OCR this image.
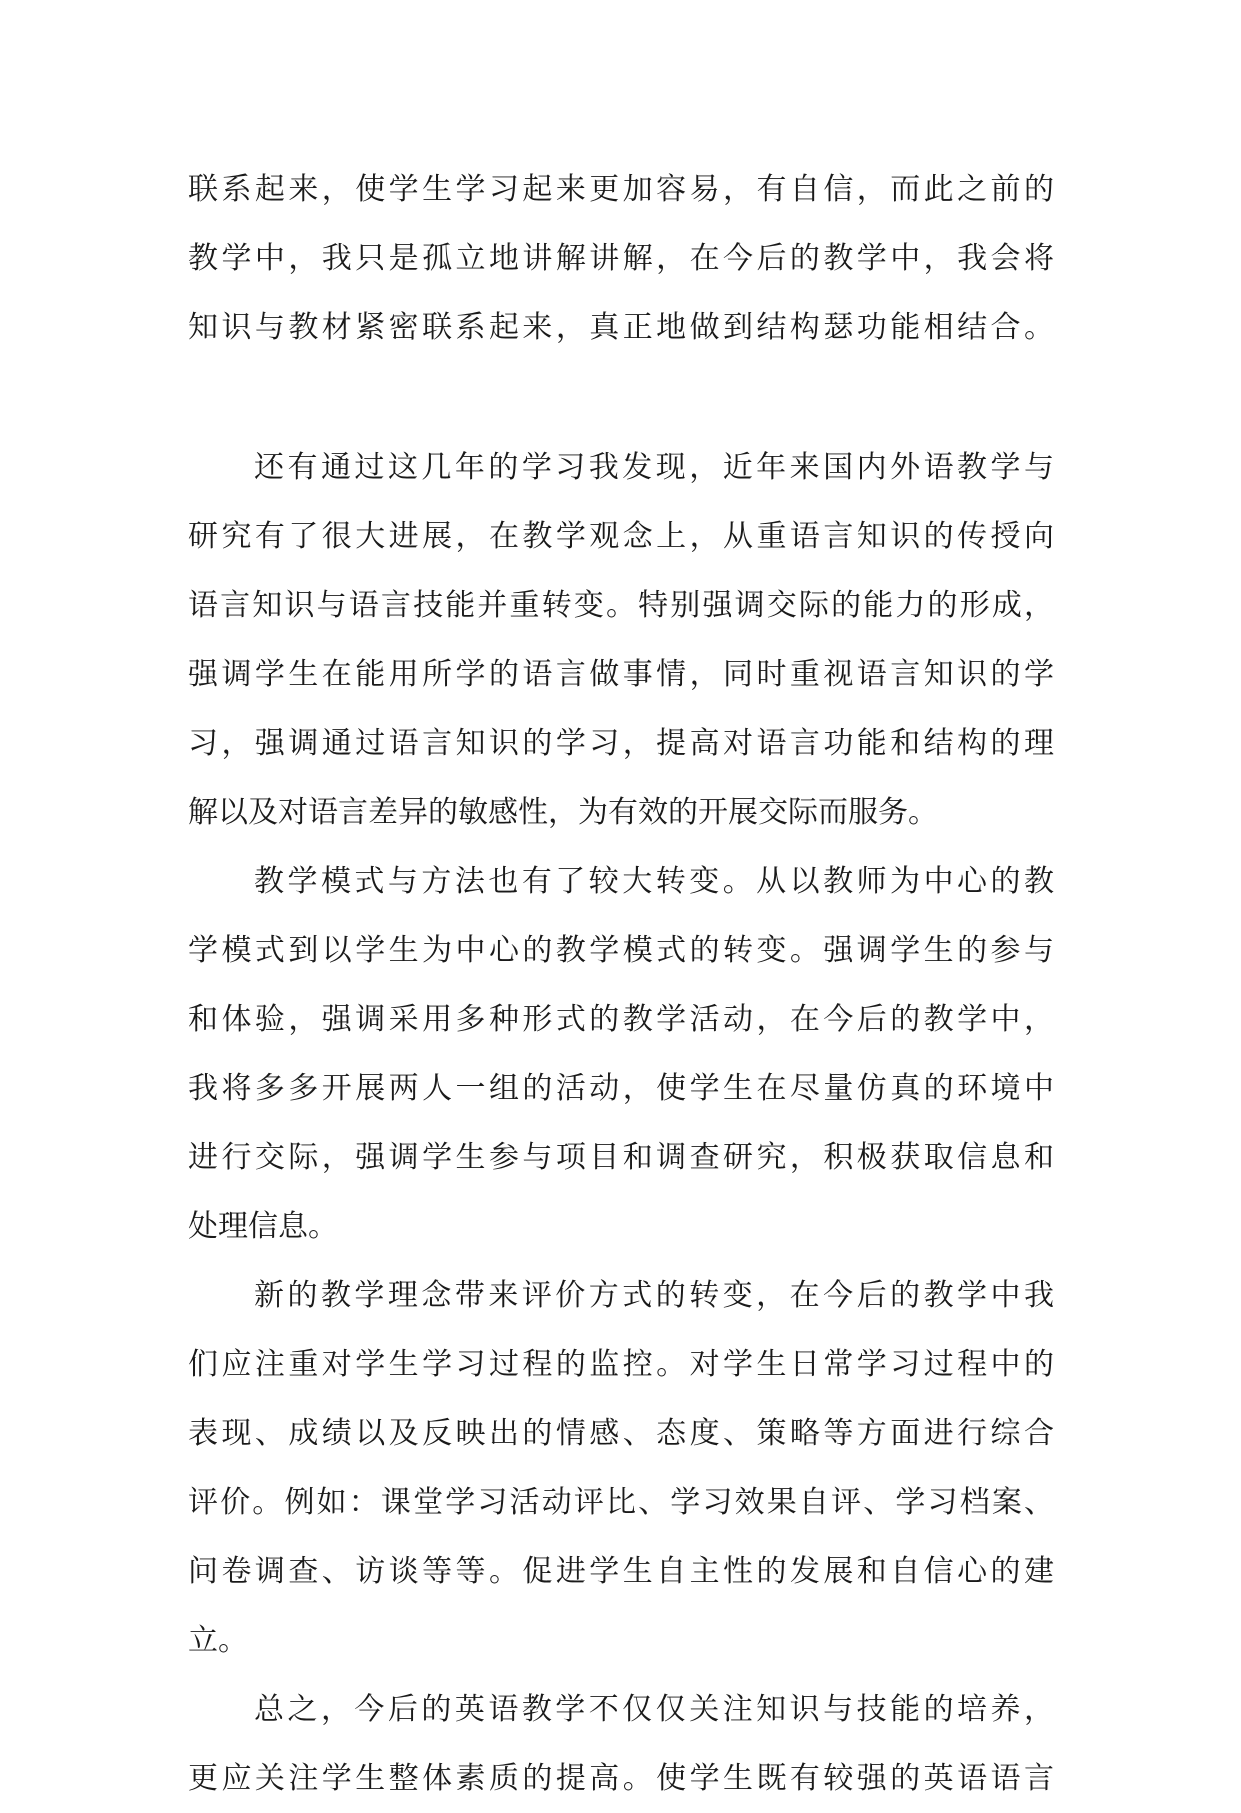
联系起来，使学生学习起来更加容易，有自信，而此之前的
教学中，我只是孤立地讲解讲解，在今后的教学中，我会将
知识与教材紧密联系起来，真正地做到结构瑟功能相结合。
还有通过这几年的学习我发现，近年来国内外语教学与
研究有了很大进展，在教学观念上，从重语言知识的传授向
语言知识与语言技能并重转变。特别强调交际的能力的形成，
强调学生在能用所学的语言做事情，同时重视语言知识的学
习，强调通过语言知识的学习，提高对语言功能和结构的理
解以及对语言差异的敏感性，为有效的开展交际而服务。
教学模式与方法也有了较大转变。从以教师为中心的教
学模式到以学生为中心的教学模式的转变。强调学生的参与
和体验，强调采用多种形式的教学活动，在今后的教学中，
我将多多开展两人一组的活动，使学生在尽量仿真的环境中
进行交际，强调学生参与项目和调查研究，积极获取信息和
处理信息。
新的教学理念带来评价方式的转变，在今后的教学中我
们应注重对学生学习过程的监控。对学生日常学习过程中的
表现、成绩以及反映出的情感、态度、策略等方面进行综合
评价。例如：课堂学习活动评比、学习效果自评、学习档案、
问卷调查、访谈等等。促进学生自主性的发展和自信心的建
立。
总之，今后的英语教学不仅仅关注知识与技能的培养，
更应关注学生整体素质的提高。使学生既有较强的英语语言
